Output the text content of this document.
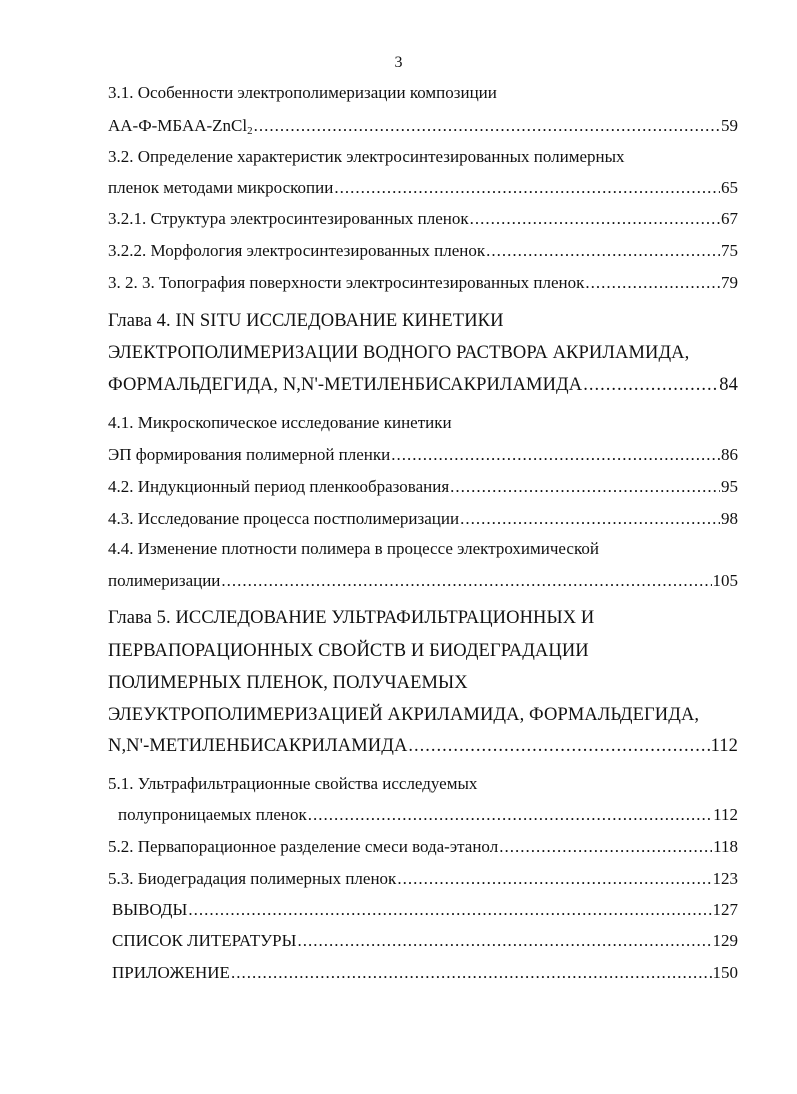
3
3.1. Особенности электрополимеризации композиции
АА-Ф-МБАА-ZnCl$_2$ .....	59
3.2. Определение характеристик электросинтезированных полимерных
пленок методами микроскопии .....	65
3.2.1. Структура электросинтезированных пленок .....	67
3.2.2. Морфология электросинтезированных пленок .....	75
3. 2. 3. Топография поверхности электросинтезированных пленок .....	79
Глава 4. IN SITU ИССЛЕДОВАНИЕ КИНЕТИКИ
ЭЛЕКТРОПОЛИМЕРИЗАЦИИ ВОДНОГО РАСТВОРА АКРИЛАМИДА,
ФОРМАЛЬДЕГИДА, N,N'-МЕТИЛЕНБИСАКРИЛАМИДА .....	84
4.1. Микроскопическое исследование кинетики
ЭП формирования полимерной пленки .....	86
4.2. Индукционный период пленкообразования .....	95
4.3. Исследование процесса постполимеризации .....	98
4.4. Изменение плотности полимера в процессе электрохимической
полимеризации .....	105
Глава 5. ИССЛЕДОВАНИЕ УЛЬТРАФИЛЬТРАЦИОННЫХ И
ПЕРВАПОРАЦИОННЫХ СВОЙСТВ И БИОДЕГРАДАЦИИ
ПОЛИМЕРНЫХ ПЛЕНОК, ПОЛУЧАЕМЫХ
ЭЛЕУКТРОПОЛИМЕРИЗАЦИЕЙ АКРИЛАМИДА, ФОРМАЛЬДЕГИДА,
N,N'-МЕТИЛЕНБИСАКРИЛАМИДА .....	112
5.1. Ультрафильтрационные свойства исследуемых
полупроницаемых пленок .....	112
5.2. Первапорационное разделение смеси вода-этанол .....	118
5.3. Биодеградация полимерных пленок .....	123
ВЫВОДЫ .....	127
СПИСОК ЛИТЕРАТУРЫ .....	129
ПРИЛОЖЕНИЕ .....	150
